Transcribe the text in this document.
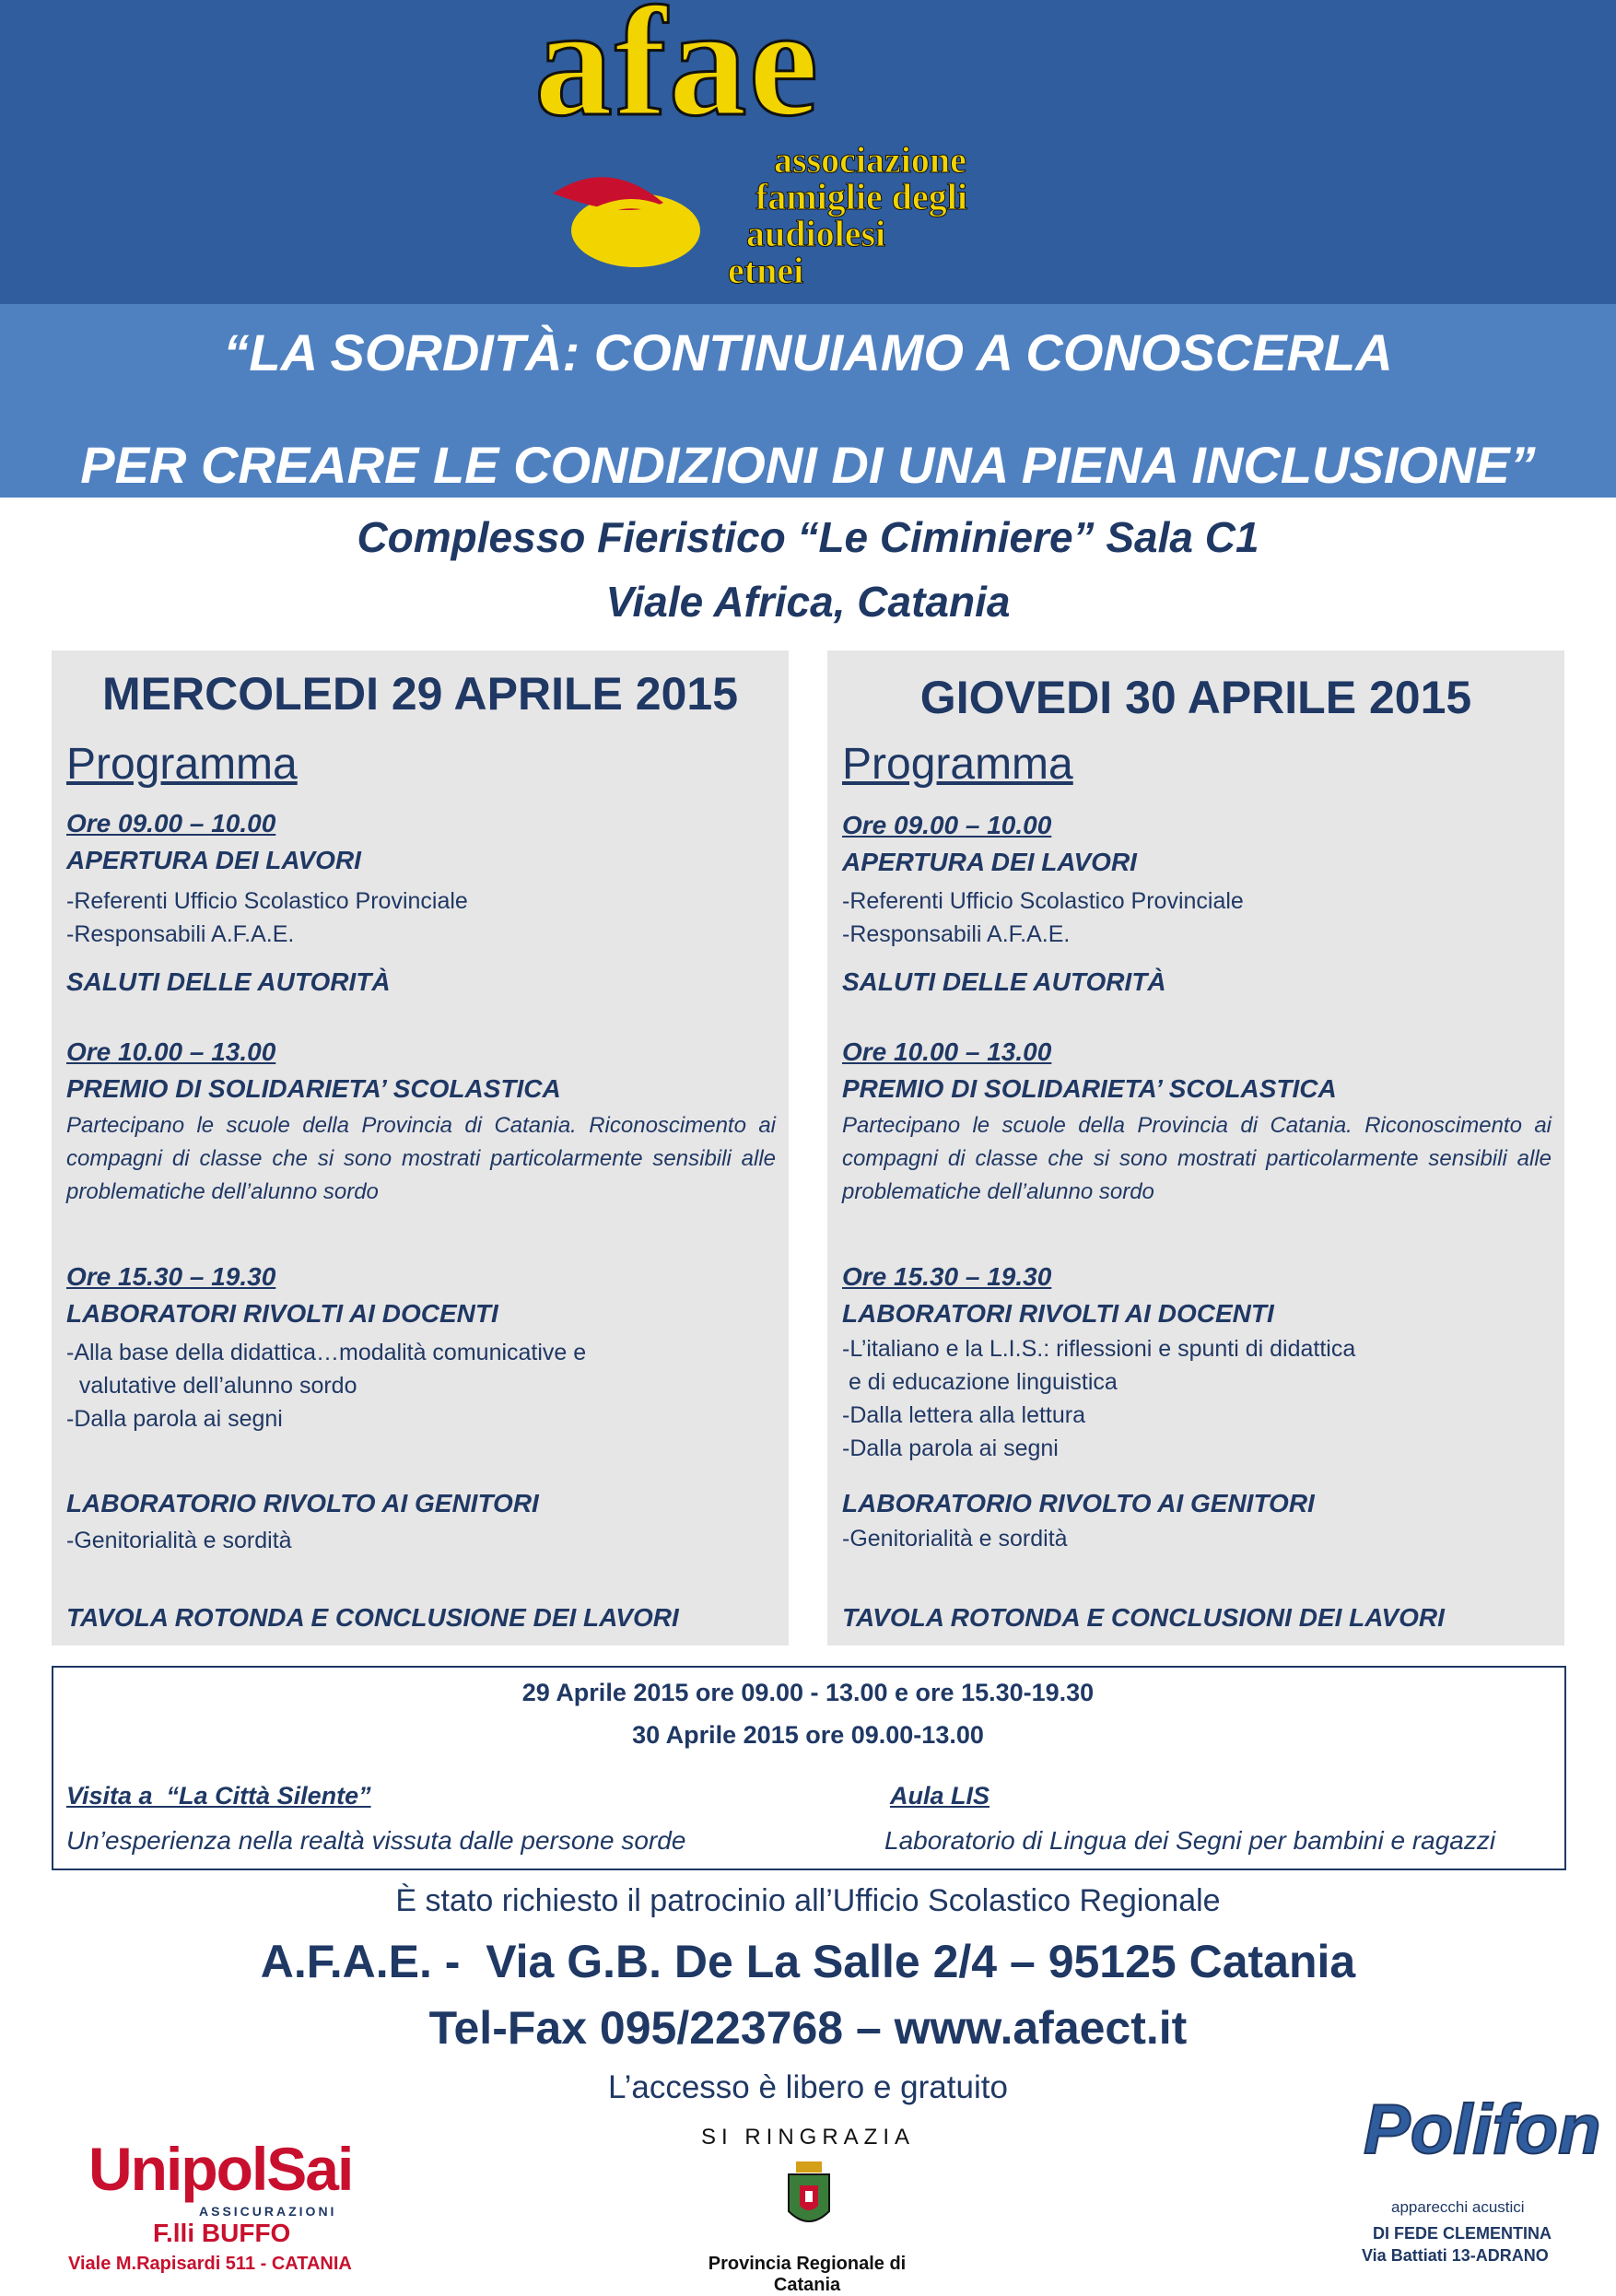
afae
associazione
famiglie degli
audiolesi
etnei
“LA SORDITÀ: CONTINUIAMO A CONOSCERLA
PER CREARE LE CONDIZIONI DI UNA PIENA INCLUSIONE”
Complesso Fieristico “Le Ciminiere” Sala C1
Viale Africa, Catania
MERCOLEDI 29 APRILE 2015
Programma
Ore 09.00 – 10.00
APERTURA DEI LAVORI
-Referenti Ufficio Scolastico Provinciale
-Responsabili A.F.A.E.
SALUTI DELLE AUTORITÀ
Ore 10.00 – 13.00
PREMIO DI SOLIDARIETA’ SCOLASTICA
Partecipano le scuole della Provincia di Catania. Riconoscimento ai compagni di classe che si sono mostrati particolarmente sensibili alle problematiche dell’alunno sordo
Ore 15.30 – 19.30
LABORATORI RIVOLTI AI DOCENTI
-Alla base della didattica…modalità comunicative e
valutative dell’alunno sordo
-Dalla parola ai segni
LABORATORIO RIVOLTO AI GENITORI
-Genitorialità e sordità
TAVOLA ROTONDA E CONCLUSIONE DEI LAVORI
GIOVEDI 30 APRILE 2015
Programma
Ore 09.00 – 10.00
APERTURA DEI LAVORI
-Referenti Ufficio Scolastico Provinciale
-Responsabili A.F.A.E.
SALUTI DELLE AUTORITÀ
Ore 10.00 – 13.00
PREMIO DI SOLIDARIETA’ SCOLASTICA
Partecipano le scuole della Provincia di Catania. Riconoscimento ai compagni di classe che si sono mostrati particolarmente sensibili alle problematiche dell’alunno sordo
Ore 15.30 – 19.30
LABORATORI RIVOLTI AI DOCENTI
-L’italiano e la L.I.S.: riflessioni e spunti di didattica
e di educazione linguistica
-Dalla lettera alla lettura
-Dalla parola ai segni
LABORATORIO RIVOLTO AI GENITORI
-Genitorialità e sordità
TAVOLA ROTONDA E CONCLUSIONI DEI LAVORI
29 Aprile 2015 ore 09.00 - 13.00 e ore 15.30-19.30
30 Aprile 2015 ore 09.00-13.00
Visita a  “La Città Silente”
Un’esperienza nella realtà vissuta dalle persone sorde
Aula LIS
Laboratorio di Lingua dei Segni per bambini e ragazzi
È stato richiesto il patrocinio all’Ufficio Scolastico Regionale
A.F.A.E. -  Via G.B. De La Salle 2/4 – 95125 Catania
Tel-Fax 095/223768 – www.afaect.it
L’accesso è libero e gratuito
SI RINGRAZIA
UnipolSai
ASSICURAZIONI
F.lli BUFFO
Viale M.Rapisardi 511 - CATANIA	Provincia Regionale di Catania
Polifon
apparecchi acustici
DI FEDE CLEMENTINA
Via Battiati 13-ADRANO
